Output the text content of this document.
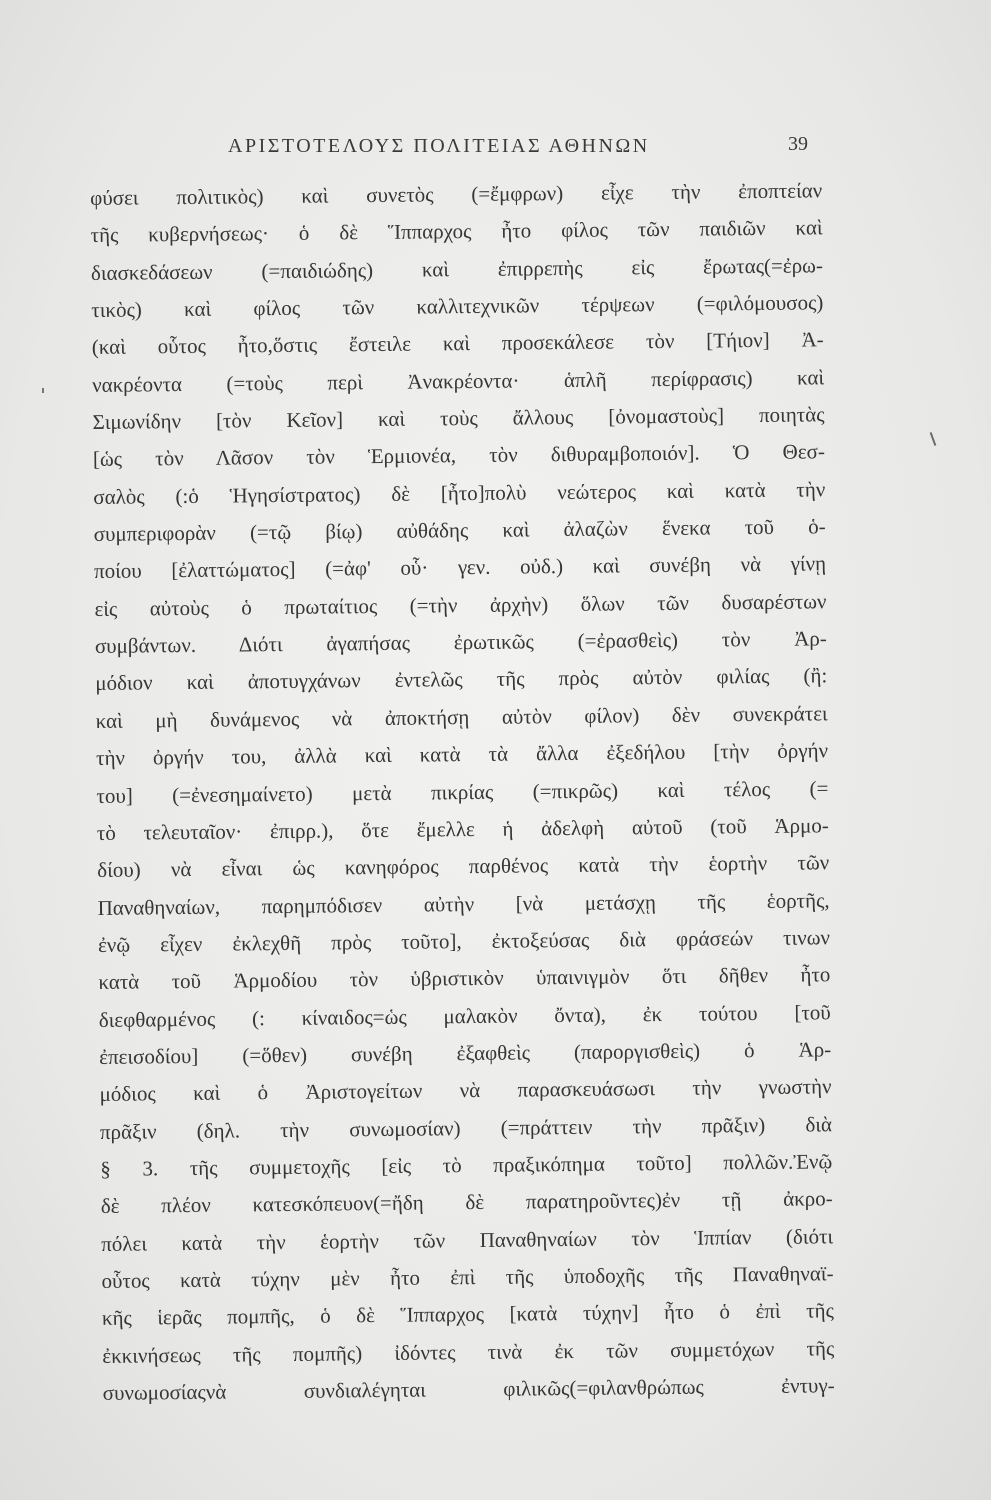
ΑΡΙΣΤΟΤΕΛΟΥΣ ΠΟΛΙΤΕΙΑΣ ΑΘΗΝΩΝ	39
φύσει πολιτικὸς) καὶ συνετὸς (=ἔμφρων) εἶχε τὴν ἐποπτείαν
τῆς κυβερνήσεως· ὁ δὲ Ἵππαρχος ἦτο φίλος τῶν παιδιῶν καὶ
διασκεδάσεων (=παιδιώδης) καὶ ἐπιρρεπὴς εἰς ἔρωτας(=ἐρω-
τικὸς) καὶ φίλος τῶν καλλιτεχνικῶν τέρψεων (=φιλόμουσος)
(καὶ οὗτος ἦτο,ὅστις ἔστειλε καὶ προσεκάλεσε τὸν [Τήιον] Ἀ-
νακρέοντα (=τοὺς περὶ Ἀνακρέοντα· ἁπλῆ περίφρασις) καὶ
Σιμωνίδην [τὸν Κεῖον] καὶ τοὺς ἄλλους [ὀνομαστοὺς] ποιητὰς
[ὡς τὸν Λᾶσον τὸν Ἑρμιονέα, τὸν διθυραμβοποιόν]. Ὁ Θεσ-
σαλὸς (:ὁ Ἡγησίστρατος) δὲ [ἦτο]πολὺ νεώτερος καὶ κατὰ τὴν
συμπεριφορὰν (=τῷ βίῳ) αὐθάδης καὶ ἀλαζὼν ἕνεκα τοῦ ὁ-
ποίου [ἐλαττώματος] (=ἀφ' οὗ· γεν. οὐδ.) καὶ συνέβη νὰ γίνῃ
εἰς αὐτοὺς ὁ πρωταίτιος (=τὴν ἀρχὴν) ὅλων τῶν δυσαρέστων
συμβάντων. Διότι ἀγαπήσας ἐρωτικῶς (=ἐρασθεὶς) τὸν Ἀρ-
μόδιον καὶ ἀποτυγχάνων ἐντελῶς τῆς πρὸς αὐτὸν φιλίας (ἢ:
καὶ μὴ δυνάμενος νὰ ἀποκτήσῃ αὐτὸν φίλον) δὲν συνεκράτει
τὴν ὀργήν του, ἀλλὰ καὶ κατὰ τὰ ἄλλα ἐξεδήλου [τὴν ὀργήν
του] (=ἐνεσημαίνετο) μετὰ πικρίας (=πικρῶς) καὶ τέλος (=
τὸ τελευταῖον· ἐπιρρ.), ὅτε ἔμελλε ἡ ἀδελφὴ αὐτοῦ (τοῦ Ἁρμο-
δίου) νὰ εἶναι ὡς κανηφόρος παρθένος κατὰ τὴν ἑορτὴν τῶν
Παναθηναίων, παρημπόδισεν αὐτὴν [νὰ μετάσχῃ τῆς ἑορτῆς,
ἐνῷ εἶχεν ἐκλεχθῆ πρὸς τοῦτο], ἐκτοξεύσας διὰ φράσεών τινων
κατὰ τοῦ Ἁρμοδίου τὸν ὑβριστικὸν ὑπαινιγμὸν ὅτι δῆθεν ἦτο
διεφθαρμένος (: κίναιδος=ὡς μαλακὸν ὄντα), ἐκ τούτου [τοῦ
ἐπεισοδίου] (=ὅθεν) συνέβη ἐξαφθεὶς (παροργισθεὶς) ὁ Ἁρ-
μόδιος καὶ ὁ Ἀριστογείτων νὰ παρασκευάσωσι τὴν γνωστὴν
πρᾶξιν (δηλ. τὴν συνωμοσίαν) (=πράττειν τὴν πρᾶξιν) διὰ
§ 3. τῆς συμμετοχῆς [εἰς τὸ πραξικόπημα τοῦτο] πολλῶν.Ἐνῷ
δὲ πλέον κατεσκόπευον(=ἤδη δὲ παρατηροῦντες)ἐν τῇ ἀκρο-
πόλει κατὰ τὴν ἑορτὴν τῶν Παναθηναίων τὸν Ἱππίαν (διότι
οὗτος κατὰ τύχην μὲν ἦτο ἐπὶ τῆς ὑποδοχῆς τῆς Παναθηναϊ-
κῆς ἱερᾶς πομπῆς, ὁ δὲ Ἵππαρχος [κατὰ τύχην] ἦτο ὁ ἐπὶ τῆς
ἐκκινήσεως τῆς πομπῆς) ἰδόντες τινὰ ἐκ τῶν συμμετόχων τῆς
συνωμοσίαςνὰ συνδιαλέγηται φιλικῶς(=φιλανθρώπως ἐντυγ-
